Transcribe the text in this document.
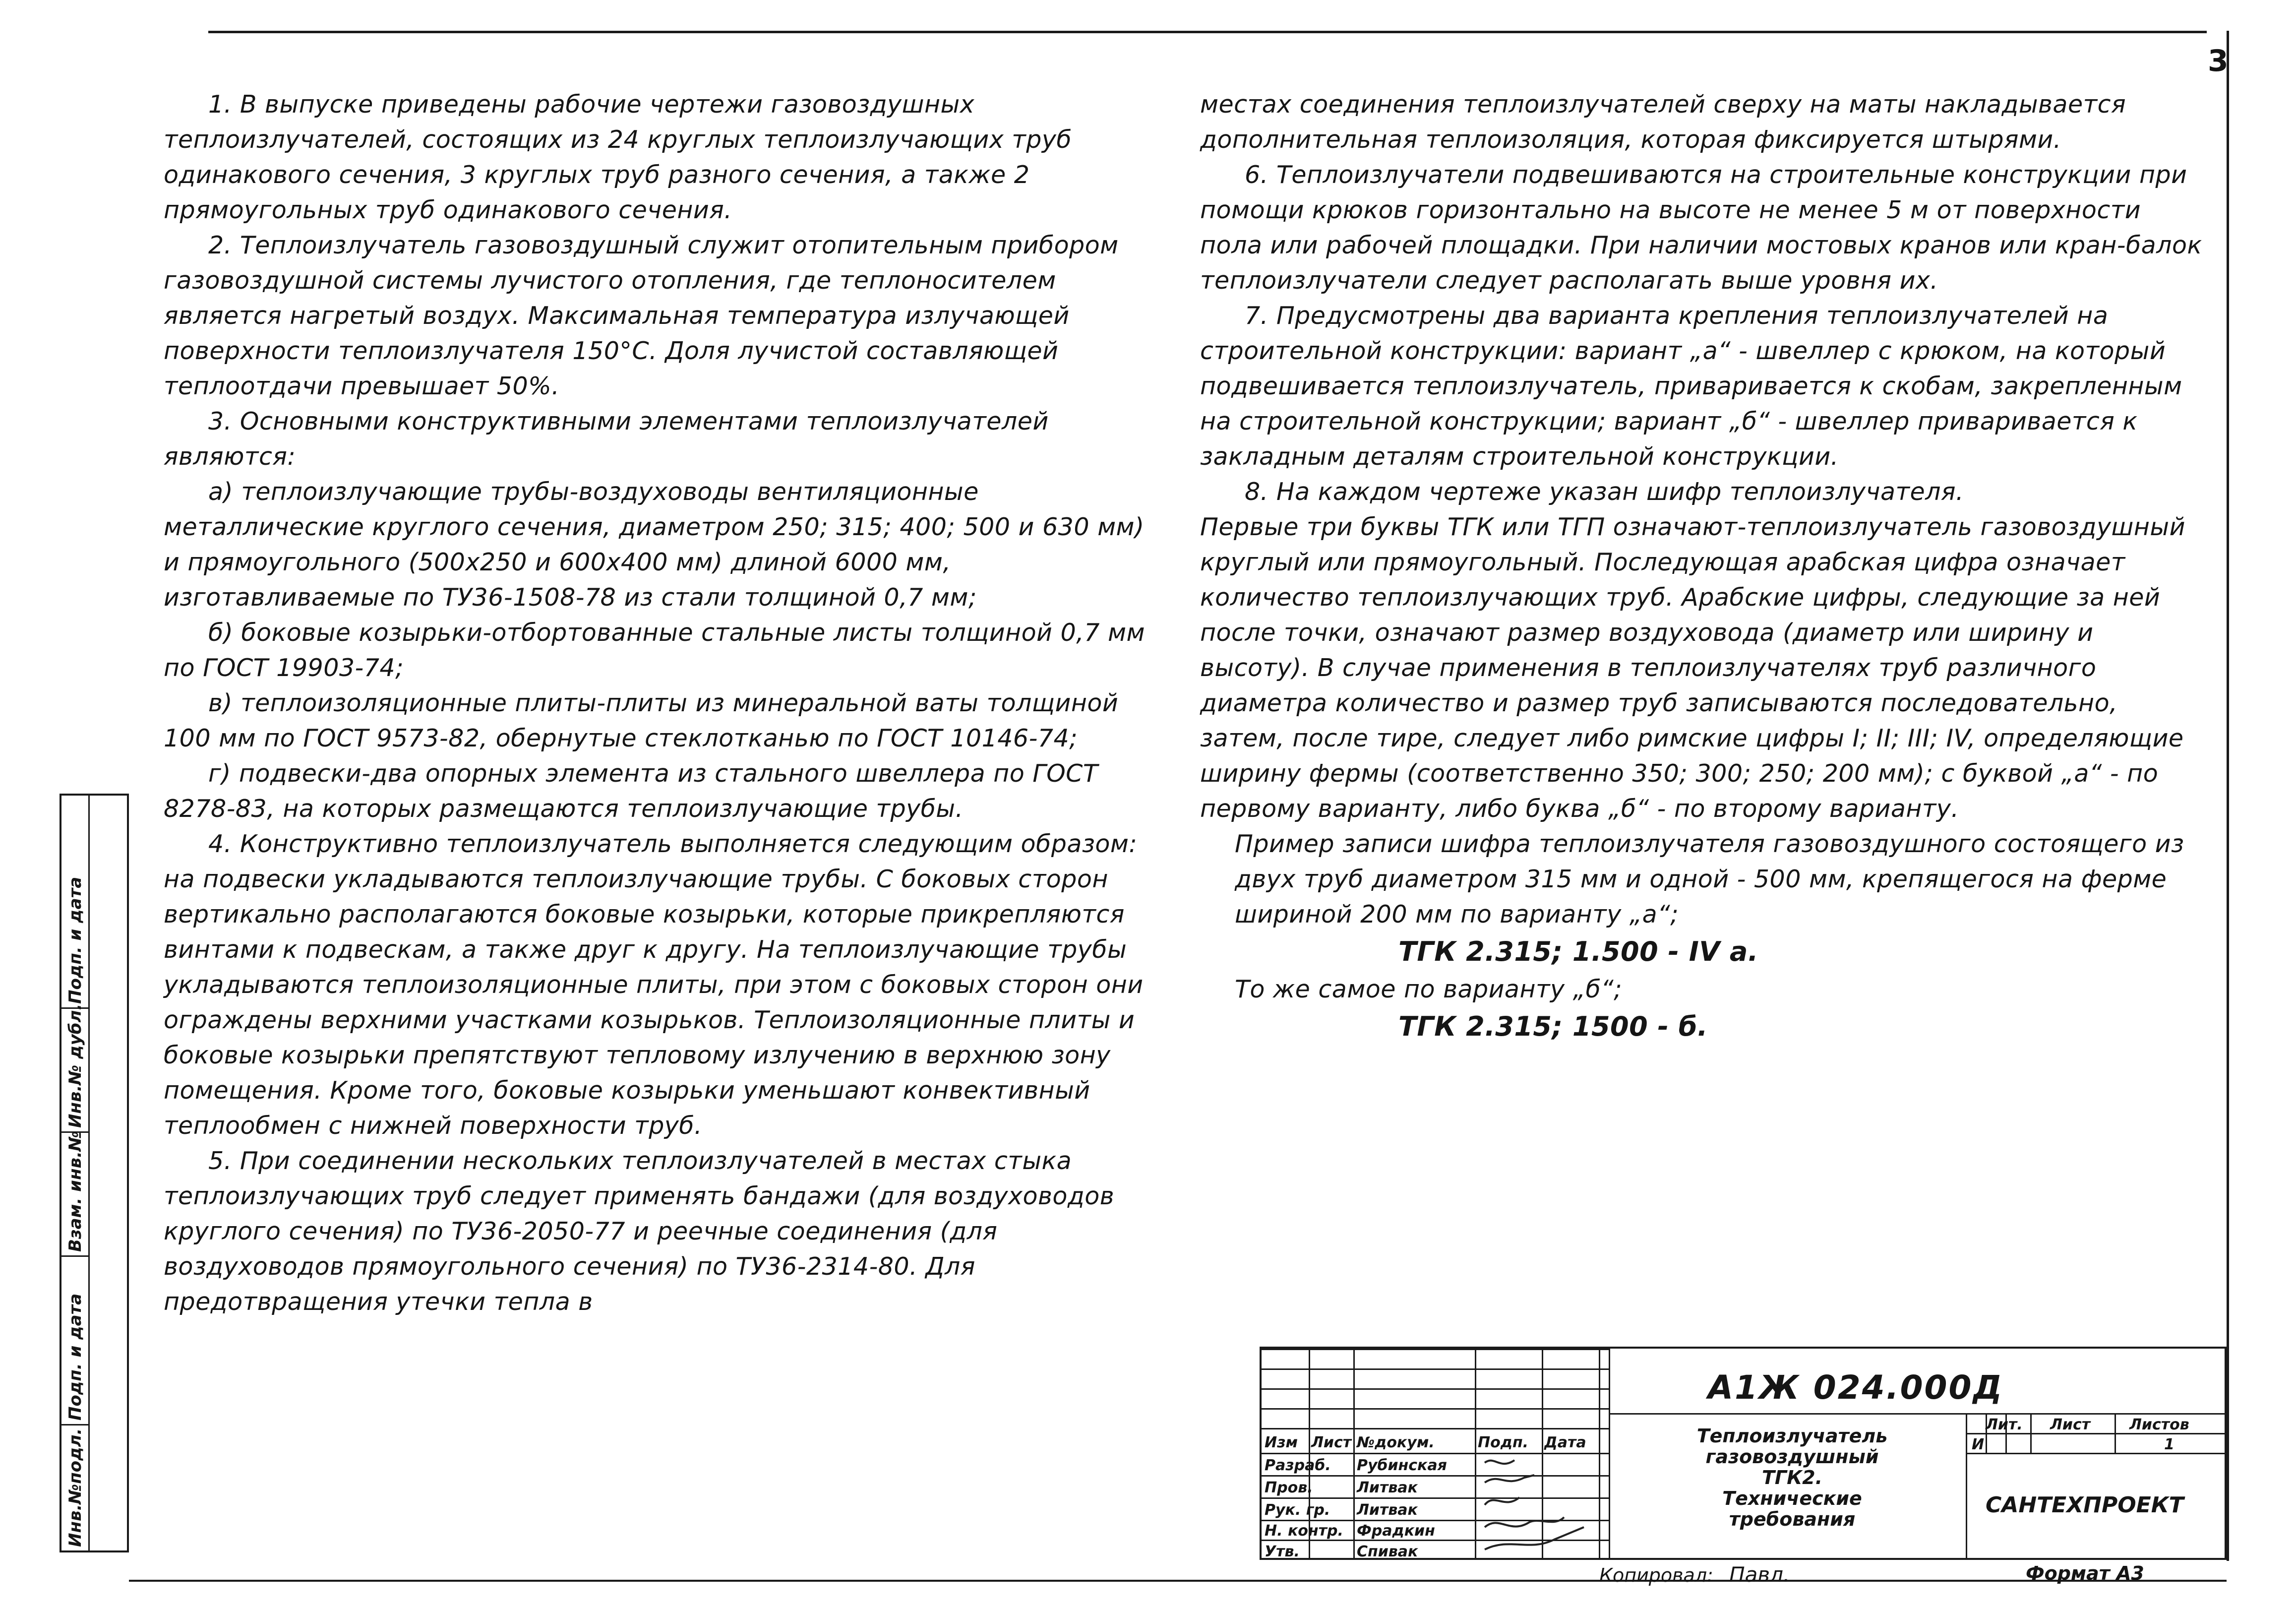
3

1. В выпуске приведены рабочие чертежи газовоздушных теплоизлучателей, состоящих из 24 круглых теплоизлучающих труб одинакового сечения, 3 круглых труб разного сечения, а также 2 прямоугольных труб одинакового сечения.

2. Теплоизлучатель газовоздушный служит отопительным прибором газовоздушной системы лучистого отопления, где теплоносителем является нагретый воздух. Максимальная температура излучающей поверхности теплоизлучателя 150°С. Доля лучистой составляющей теплоотдачи превышает 50%.

3. Основными конструктивными элементами теплоизлучателей являются:

а) теплоизлучающие трубы-воздуховоды вентиляционные металлические круглого сечения, диаметром 250; 315; 400; 500 и 630 мм) и прямоугольного (500х250 и 600х400 мм) длиной 6000 мм, изготавливаемые по ТУ36-1508-78 из стали толщиной 0,7 мм;

б) боковые козырьки-отбортованные стальные листы толщиной 0,7 мм по ГОСТ 19903-74;

в) теплоизоляционные плиты-плиты из минеральной ваты толщиной 100 мм по ГОСТ 9573-82, обернутые стеклотканью по ГОСТ 10146-74;

г) подвески-два опорных элемента из стального швеллера по ГОСТ 8278-83, на которых размещаются теплоизлучающие трубы.

4. Конструктивно теплоизлучатель выполняется следующим образом: на подвески укладываются теплоизлучающие трубы. С боковых сторон вертикально располагаются боковые козырьки, которые прикрепляются винтами к подвескам, а также друг к другу. На теплоизлучающие трубы укладываются теплоизоляционные плиты, при этом с боковых сторон они ограждены верхними участками козырьков. Теплоизоляционные плиты и боковые козырьки препятствуют тепловому излучению в верхнюю зону помещения. Кроме того, боковые козырьки уменьшают конвективный теплообмен с нижней поверхности труб.

5. При соединении нескольких теплоизлучателей в местах стыка теплоизлучающих труб следует применять бандажи (для воздуховодов круглого сечения) по ТУ36-2050-77 и реечные соединения (для воздуховодов прямоугольного сечения) по ТУ36-2314-80. Для предотвращения утечки тепла в

местах соединения теплоизлучателей сверху на маты накладывается дополнительная теплоизоляция, которая фиксируется штырями.

6. Теплоизлучатели подвешиваются на строительные конструкции при помощи крюков горизонтально на высоте не менее 5 м от поверхности пола или рабочей площадки. При наличии мостовых кранов или кран-балок теплоизлучатели следует располагать выше уровня их.

7. Предусмотрены два варианта крепления теплоизлучателей на строительной конструкции: вариант „а“ - швеллер с крюком, на который подвешивается теплоизлучатель, приваривается к скобам, закрепленным на строительной конструкции; вариант „б“ - швеллер приваривается к закладным деталям строительной конструкции.

8. На каждом чертеже указан шифр теплоизлучателя.

Первые три буквы ТГК или ТГП означают-теплоизлучатель газовоздушный круглый или прямоугольный. Последующая арабская цифра означает количество теплоизлучающих труб. Арабские цифры, следующие за ней после точки, означают размер воздуховода (диаметр или ширину и высоту). В случае применения в теплоизлучателях труб различного диаметра количество и размер труб записываются последовательно, затем, после тире, следует либо римские цифры I; II; III; IV, определяющие ширину фермы (соответственно 350; 300; 250; 200 мм); с буквой „а“ - по первому варианту, либо буква „б“ - по второму варианту.

Пример записи шифра теплоизлучателя газовоздушного состоящего из двух труб диаметром 315 мм и одной - 500 мм, крепящегося на ферме шириной 200 мм по варианту „а“;

ТГК 2.315; 1.500 - IV а.

То же самое по варианту „б“;

ТГК 2.315; 1500 - б.

Подп. и дата
Инв.№ дубл.
Взам. инв.№
Подп. и дата
Инв.№подл.	Изм Лист №докум.	Подп. Дата
Разраб. Рубинская
Пров.	Литвак
Рук. гр. Литвак
Н. контр. Фрадкин
Утв.	Спивак
А1Ж 024.000Д
Теплоизлучатель
газовоздушный
ТГК2.
Технические
требования
Лит. Лист	Листов
И	1
САНТЕХПРОЕКТ
Копировал: Павл.	Формат А3
